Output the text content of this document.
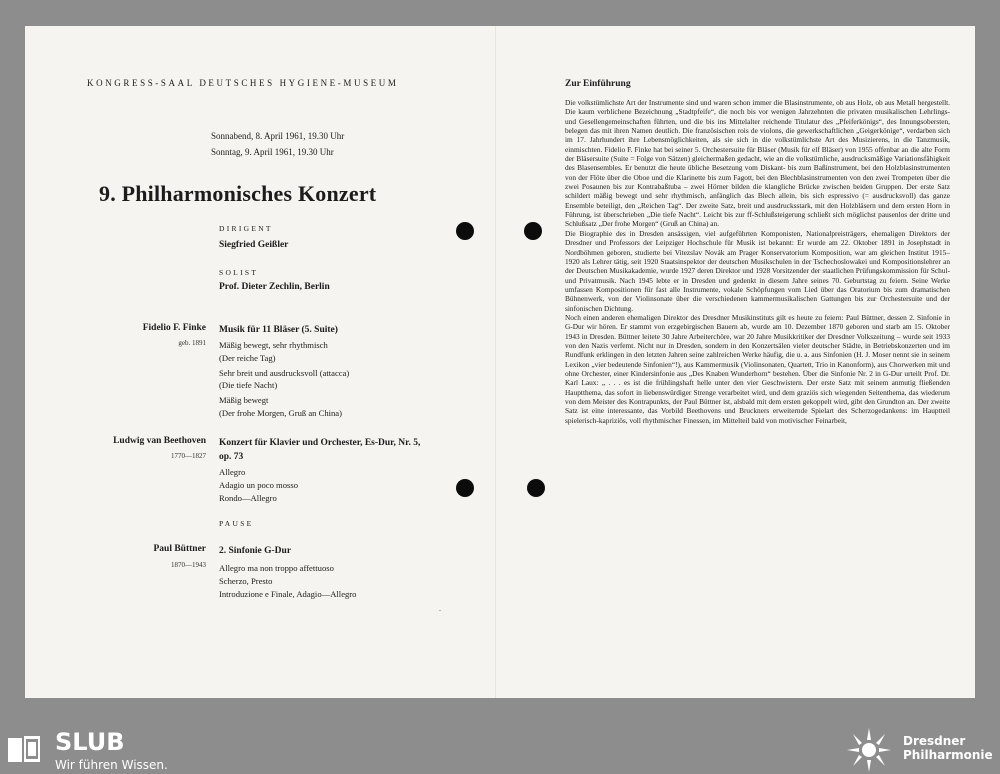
KONGRESS-SAAL DEUTSCHES HYGIENE-MUSEUM
Sonnabend, 8. April 1961, 19.30 Uhr
Sonntag, 9. April 1961, 19.30 Uhr
9. Philharmonisches Konzert
DIRIGENT
Siegfried Geißler
SOLIST
Prof. Dieter Zechlin, Berlin
Fidelio F. Finke
geb. 1891
Musik für 11 Bläser (5. Suite)
Mäßig bewegt, sehr rhythmisch
(Der reiche Tag)
Sehr breit und ausdrucksvoll (attacca)
(Die tiefe Nacht)
Mäßig bewegt
(Der frohe Morgen, Gruß an China)
Ludwig van Beethoven
1770—1827
Konzert für Klavier und Orchester, Es-Dur, Nr. 5, op. 73
Allegro
Adagio un poco mosso
Rondo—Allegro
PAUSE
Paul Büttner
1870—1943
2. Sinfonie G-Dur
Allegro ma non troppo affettuoso
Scherzo, Presto
Introduzione e Finale, Adagio—Allegro
.
Zur Einführung

Die volkstümlichste Art der Instrumente sind und waren schon immer die Blasinstrumente, ob aus Holz, ob aus Metall hergestellt. Die kaum verblichene Bezeichnung „Stadtpfeife“, die noch bis vor wenigen Jahrzehnten die privaten musikalischen Lehrlings- und Gesellengemeinschaften führten, und die bis ins Mittelalter reichende Titulatur des „Pfeiferkönigs“, des Innungsobersten, belegen das mit ihren Namen deutlich. Die französischen rois de violons, die gewerkschaftlichen „Geigerkönige“, verdarben sich im 17. Jahrhundert ihre Lebensmöglichkeiten, als sie sich in die volkstümlichste Art des Musizierens, in die Tanzmusik, einmischten. Fidelio F. Finke hat bei seiner 5. Orchestersuite für Bläser (Musik für elf Bläser) von 1955 offenbar an die alte Form der Bläsersuite (Suite = Folge von Sätzen) gleichermaßen gedacht, wie an die volkstümliche, ausdrucksmäßige Variationsfähigkeit des Blasensembles. Er benutzt die heute übliche Besetzung vom Diskant- bis zum Baßinstrument, bei den Holzblasinstrumenten von der Flöte über die Oboe und die Klarinette bis zum Fagott, bei den Blechblasinstrumenten von den zwei Trompeten über die zwei Posaunen bis zur Kontrabaßtuba – zwei Hörner bilden die klangliche Brücke zwischen beiden Gruppen. Der erste Satz schildert mäßig bewegt und sehr rhythmisch, anfänglich das Blech allein, bis sich espressivo (= ausdrucksvoll) das ganze Ensemble beteiligt, den „Reichen Tag“. Der zweite Satz, breit und ausdrucksstark, mit den Holzbläsern und dem ersten Horn in Führung, ist überschrieben „Die tiefe Nacht“. Leicht bis zur ff-Schlußsteigerung schließt sich möglichst pausenlos der dritte und Schlußsatz „Der frohe Morgen“ (Gruß an China) an.

Die Biographie des in Dresden ansässigen, viel aufgeführten Komponisten, Nationalpreisträgers, ehemaligen Direktors der Dresdner und Professors der Leipziger Hochschule für Musik ist bekannt: Er wurde am 22. Oktober 1891 in Josephstadt in Nordböhmen geboren, studierte bei Vitezslav Novák am Prager Konservatorium Komposition, war am gleichen Institut 1915–1920 als Lehrer tätig, seit 1920 Staatsinspektor der deutschen Musikschulen in der Tschechoslowakei und Kompositionslehrer an der Deutschen Musikakademie, wurde 1927 deren Direktor und 1928 Vorsitzender der staatlichen Prüfungskommission für Schul- und Privatmusik. Nach 1945 lebte er in Dresden und gedenkt in diesem Jahre seines 70. Geburtstag zu feiern. Seine Werke umfassen Kompositionen für fast alle Instrumente, vokale Schöpfungen vom Lied über das Oratorium bis zum dramatischen Bühnenwerk, von der Violinsonate über die verschiedenen kammermusikalischen Gattungen bis zur Orchestersuite und der sinfonischen Dichtung.

Noch einen anderen ehemaligen Direktor des Dresdner Musikinstituts gilt es heute zu feiern: Paul Büttner, dessen 2. Sinfonie in G-Dur wir hören. Er stammt von erzgebirgischen Bauern ab, wurde am 10. Dezember 1870 geboren und starb am 15. Oktober 1943 in Dresden. Büttner leitete 30 Jahre Arbeiterchöre, war 20 Jahre Musikkritiker der Dresdner Volkszeitung – wurde seit 1933 von den Nazis verfemt. Nicht nur in Dresden, sondern in den Konzertsälen vieler deutscher Städte, in Betriebskonzerten und im Rundfunk erklingen in den letzten Jahren seine zahlreichen Werke häufig, die u. a. aus Sinfonien (H. J. Moser nennt sie in seinem Lexikon „vier bedeutende Sinfonien“!), aus Kammermusik (Violinsonaten, Quartett, Trio in Kanonform), aus Chorwerken mit und ohne Orchester, einer Kindersinfonie aus „Des Knaben Wunderhorn“ bestehen. Über die Sinfonie Nr. 2 in G-Dur urteilt Prof. Dr. Karl Laux: „ . . . es ist die frühlingshaft helle unter den vier Geschwistern. Der erste Satz mit seinem anmutig fließenden Hauptthema, das sofort in liebenswürdiger Strenge verarbeitet wird, und dem graziös sich wiegenden Seitenthema, das wiederum von dem Meister des Kontrapunkts, der Paul Büttner ist, alsbald mit dem ersten gekoppelt wird, gibt den Grundton an. Der zweite Satz ist eine interessante, das Vorbild Beethovens und Bruckners erweiternde Spielart des Scherzogedankens: im Hauptteil spielerisch-kapriziös, voll rhythmischer Finessen, im Mittelteil bald von motivischer Feinarbeit,

SLUB
Wir führen Wissen.
Dresdner
Philharmonie
